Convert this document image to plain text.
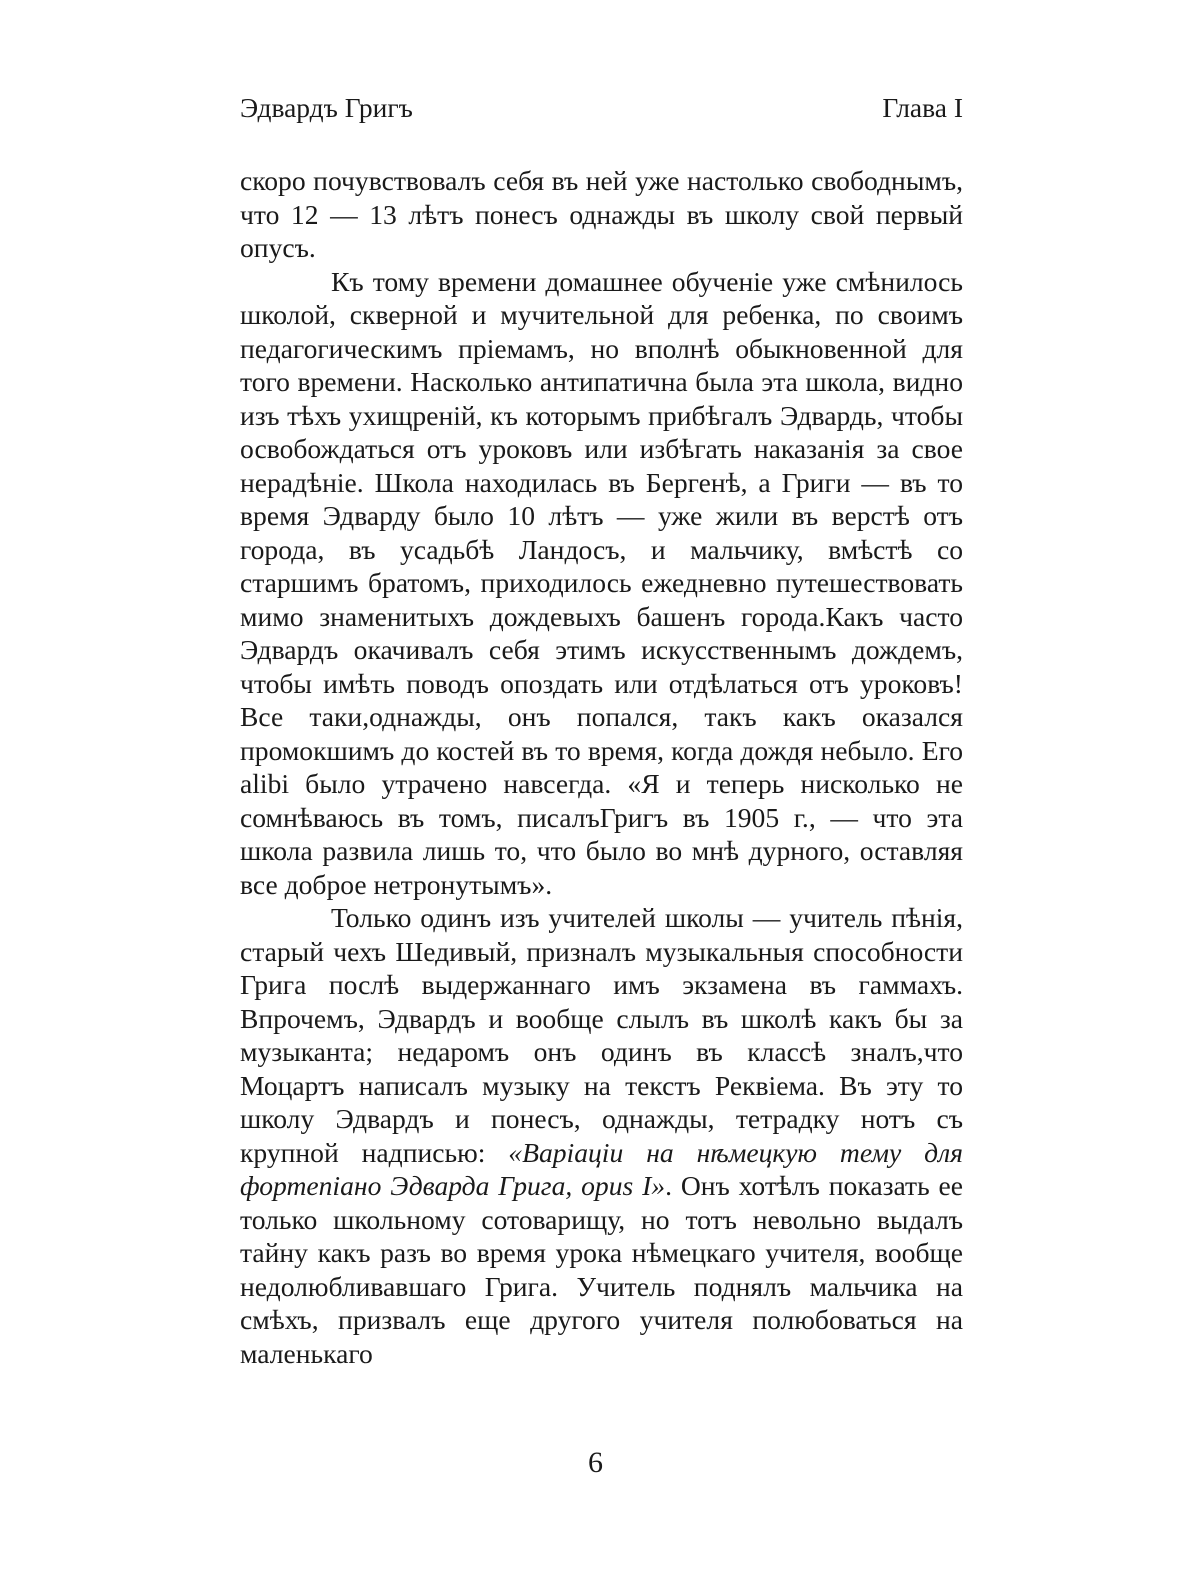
Эдвардъ Григъ	Глава I

скоро почувствовалъ себя въ ней уже настолько свободнымъ, что 12 — 13 лѣтъ понесъ однажды въ школу свой первый опусъ.

Къ тому времени домашнее обученіе уже смѣнилось школой, скверной и мучительной для ребенка, по своимъ педагогическимъ пріемамъ, но вполнѣ обыкновенной для того времени. Насколько антипатична была эта школа, видно изъ тѣхъ ухищреній, къ которымъ прибѣгалъ Эдвардь, чтобы освобождаться отъ уроковъ или избѣгать наказанія за свое нерадѣніе. Школа находилась въ Бергенѣ, а Григи — въ то время Эдварду было 10 лѣтъ — уже жили въ верстѣ отъ города, въ усадьбѣ Ландосъ, и мальчику, вмѣстѣ со старшимъ братомъ, приходилось ежедневно путешествовать мимо знаменитыхъ дождевыхъ башенъ города.Какъ часто Эдвардъ окачивалъ себя этимъ искусственнымъ дождемъ, чтобы имѣть поводъ опоздать или отдѣлаться отъ уроковъ! Все таки,однажды, онъ попался, такъ какъ оказался промокшимъ до костей въ то время, когда дождя небыло. Его alibi было утрачено навсегда. «Я и теперь нисколько не сомнѣваюсь въ томъ, писалъГригъ въ 1905 г., — что эта школа развила лишь то, что было во мнѣ дурного, оставляя все доброе нетронутымъ».

Только одинъ изъ учителей школы — учитель пѣнія, старый чехъ Шедивый, призналъ музыкальныя способности Грига послѣ выдержаннаго имъ экзамена въ гаммахъ. Впрочемъ, Эдвардъ и вообще слылъ въ школѣ какъ бы за музыканта; недаромъ онъ одинъ въ классѣ зналъ,что Моцартъ написалъ музыку на текстъ Реквіема. Въ эту то школу Эдвардъ и понесъ, однажды, тетрадку нотъ съ крупной надписью: «Варіаціи на нѣмецкую тему для фортепіано Эдварда Грига, opus I». Онъ хотѣлъ показать ее только школьному сотоварищу, но тотъ невольно выдалъ тайну какъ разъ во время урока нѣмецкаго учителя, вообще недолюбливавшаго Грига. Учитель поднялъ мальчика на смѣхъ, призвалъ еще другого учителя полюбоваться на маленькаго

6
